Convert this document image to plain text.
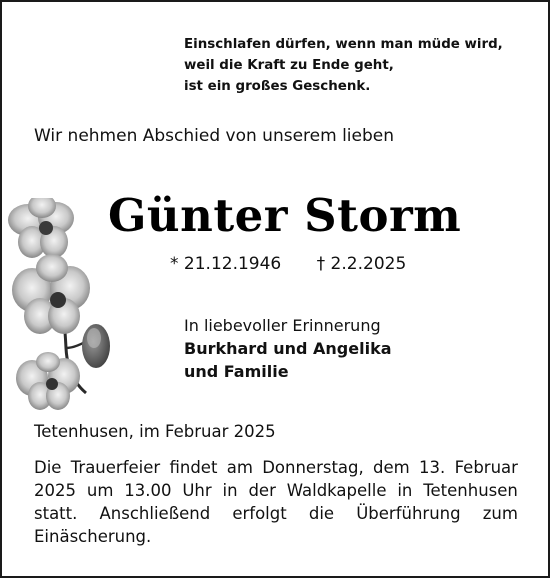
Einschlafen dürfen, wenn man müde wird,
weil die Kraft zu Ende geht,
ist ein großes Geschenk.
Wir nehmen Abschied von unserem lieben
Günter Storm
* 21.12.1946 † 2.2.2025
In liebevoller Erinnerung
Burkhard und Angelika
und Familie
Tetenhusen, im Februar 2025
Die Trauerfeier findet am Donnerstag, dem 13. Februar
2025 um 13.00 Uhr in der Waldkapelle in Tetenhusen
statt. Anschließend erfolgt die Überführung zum
Einäscherung.
